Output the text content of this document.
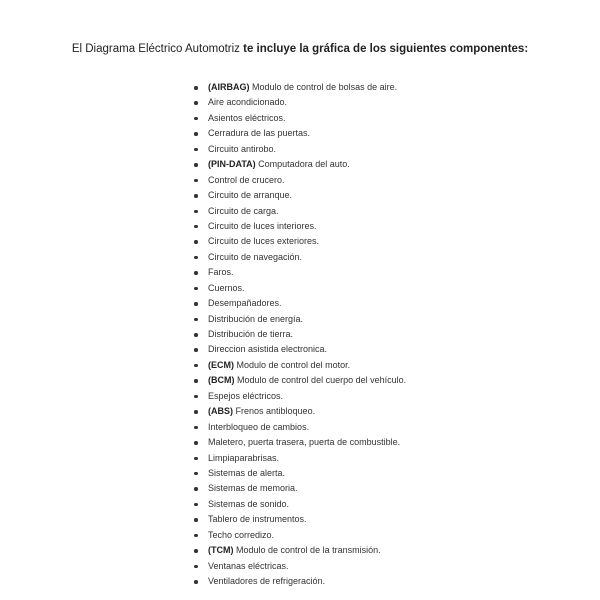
El Diagrama Eléctrico Automotriz te incluye la gráfica de los siguientes componentes:
(AIRBAG) Modulo de control de bolsas de aire.
Aire acondicionado.
Asientos eléctricos.
Cerradura de las puertas.
Circuito antirobo.
(PIN-DATA) Computadora del auto.
Control de crucero.
Circuito de arranque.
Circuito de carga.
Circuito de luces interiores.
Circuito de luces exteriores.
Circuito de navegación.
Faros.
Cuernos.
Desempañadores.
Distribución de energía.
Distribución de tierra.
Direccion asistida electronica.
(ECM) Modulo de control del motor.
(BCM) Modulo de control del cuerpo del vehículo.
Espejos eléctricos.
(ABS) Frenos antibloqueo.
Interbloqueo de cambios.
Maletero, puerta trasera, puerta de combustible.
Limpiaparabrisas.
Sistemas de alerta.
Sistemas de memoria.
Sistemas de sonido.
Tablero de instrumentos.
Techo corredizo.
(TCM) Modulo de control de la transmisión.
Ventanas eléctricas.
Ventiladores de refrigeración.
